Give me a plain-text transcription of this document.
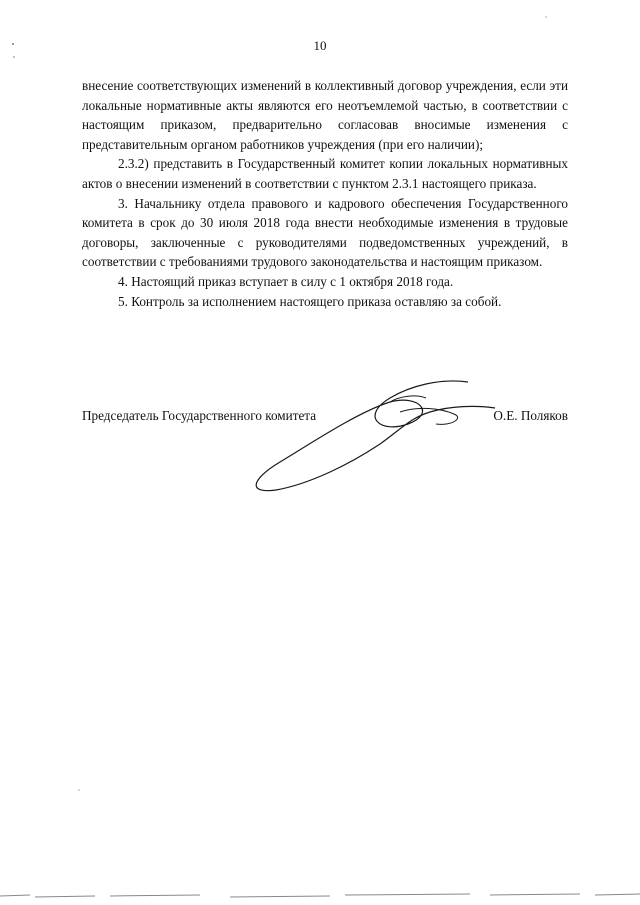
10

внесение соответствующих изменений в коллективный договор учреждения, если эти локальные нормативные акты являются его неотъемлемой частью, в соответствии с настоящим приказом, предварительно согласовав вносимые изменения с представительным органом работников учреждения (при его наличии);

2.3.2) представить в Государственный комитет копии локальных нормативных актов о внесении изменений в соответствии с пунктом 2.3.1 настоящего приказа.

3. Начальнику отдела правового и кадрового обеспечения Государственного комитета в срок до 30 июля 2018 года внести необходимые изменения в трудовые договоры, заключенные с руководителями подведомственных учреждений, в соответствии с требованиями трудового законодательства и настоящим приказом.

4. Настоящий приказ вступает в силу с 1 октября 2018 года.

5. Контроль за исполнением настоящего приказа оставляю за собой.

Председатель Государственного комитета	О.Е. Поляков
